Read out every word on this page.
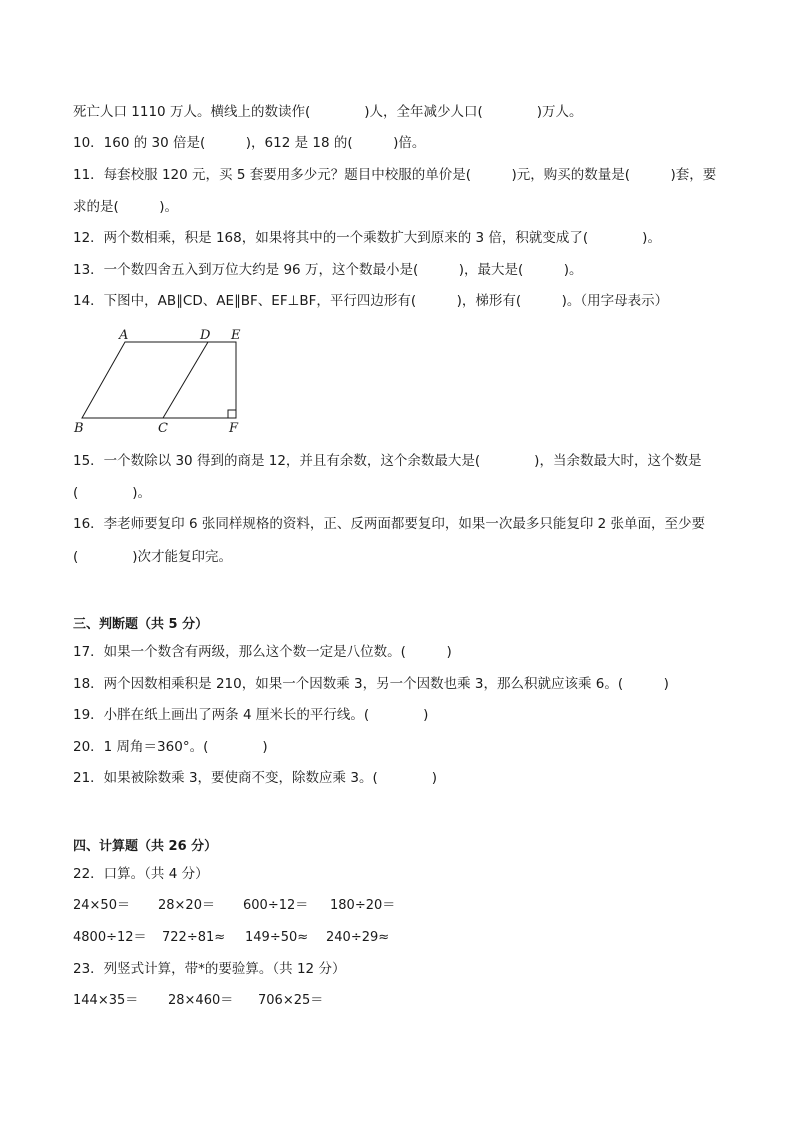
死亡人口 1110 万人。横线上的数读作(　　　　)人，全年减少人口(　　　　)万人。
10．160 的 30 倍是(　　　)，612 是 18 的(　　　)倍。
11．每套校服 120 元，买 5 套要用多少元？题目中校服的单价是(　　　)元，购买的数量是(　　　)套，要
求的是(　　　)。
12．两个数相乘，积是 168，如果将其中的一个乘数扩大到原来的 3 倍，积就变成了(　　　　)。
13．一个数四舍五入到万位大约是 96 万，这个数最小是(　　　)，最大是(　　　)。
14．下图中，AB∥CD、AE∥BF、EF⊥BF，平行四边形有(　　　)，梯形有(　　　)。（用字母表示）
A	D E
B	C	F
15．一个数除以 30 得到的商是 12，并且有余数，这个余数最大是(　　　　)，当余数最大时，这个数是
(　　　　)。
16．李老师要复印 6 张同样规格的资料，正、反两面都要复印，如果一次最多只能复印 2 张单面，至少要
(　　　　)次才能复印完。
三、判断题（共 5 分）
17．如果一个数含有两级，那么这个数一定是八位数。(　　　)
18．两个因数相乘积是 210，如果一个因数乘 3，另一个因数也乘 3，那么积就应该乘 6。(　　　)
19．小胖在纸上画出了两条 4 厘米长的平行线。(　　　　)
20．1 周角＝360°。(　　　　)
21．如果被除数乘 3，要使商不变，除数应乘 3。(　　　　)
四、计算题（共 26 分）
22．口算。（共 4 分）
24×50＝ 28×20＝ 600÷12＝ 180÷20＝
4800÷12＝ 722÷81≈ 149÷50≈ 240÷29≈
23．列竖式计算，带*的要验算。（共 12 分）
144×35＝ 28×460＝ 706×25＝
